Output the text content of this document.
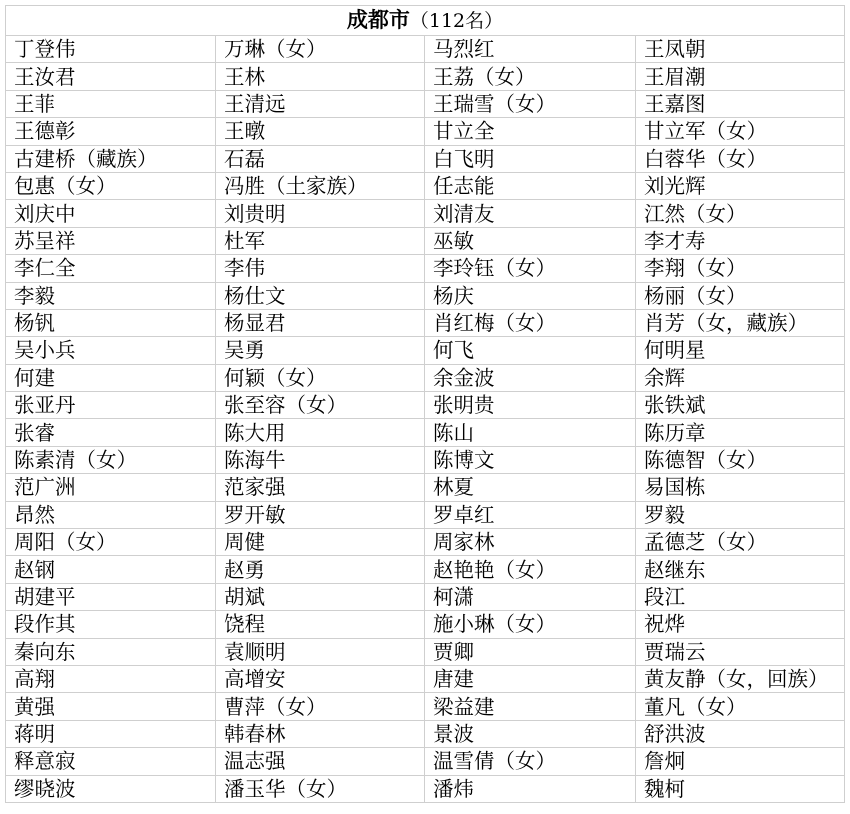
成都市（112名）			
丁登伟	万琳（女）	马烈红	王凤朝
王汝君	王林	王荔（女）	王眉潮
王菲	王清远	王瑞雪（女）	王嘉图
王德彰	王暾	甘立全	甘立军（女）
古建桥（藏族）	石磊	白飞明	白蓉华（女）
包惠（女）	冯胜（土家族）	任志能	刘光辉
刘庆中	刘贵明	刘清友	江然（女）
苏呈祥	杜军	巫敏	李才寿
李仁全	李伟	李玲钰（女）	李翔（女）
李毅	杨仕文	杨庆	杨丽（女）
杨钒	杨显君	肖红梅（女）	肖芳（女，藏族）
吴小兵	吴勇	何飞	何明星
何建	何颖（女）	余金波	余辉
张亚丹	张至容（女）	张明贵	张铁斌
张睿	陈大用	陈山	陈历章
陈素清（女）	陈海牛	陈博文	陈德智（女）
范广洲	范家强	林夏	易国栋
昂然	罗开敏	罗卓红	罗毅
周阳（女）	周健	周家林	孟德芝（女）
赵钢	赵勇	赵艳艳（女）	赵继东
胡建平	胡斌	柯潇	段江
段作其	饶程	施小琳（女）	祝烨
秦向东	袁顺明	贾卿	贾瑞云
高翔	高增安	唐建	黄友静（女，回族）
黄强	曹萍（女）	梁益建	董凡（女）
蒋明	韩春林	景波	舒洪波
释意寂	温志强	温雪倩（女）	詹炯
缪晓波	潘玉华（女）	潘炜	魏柯
